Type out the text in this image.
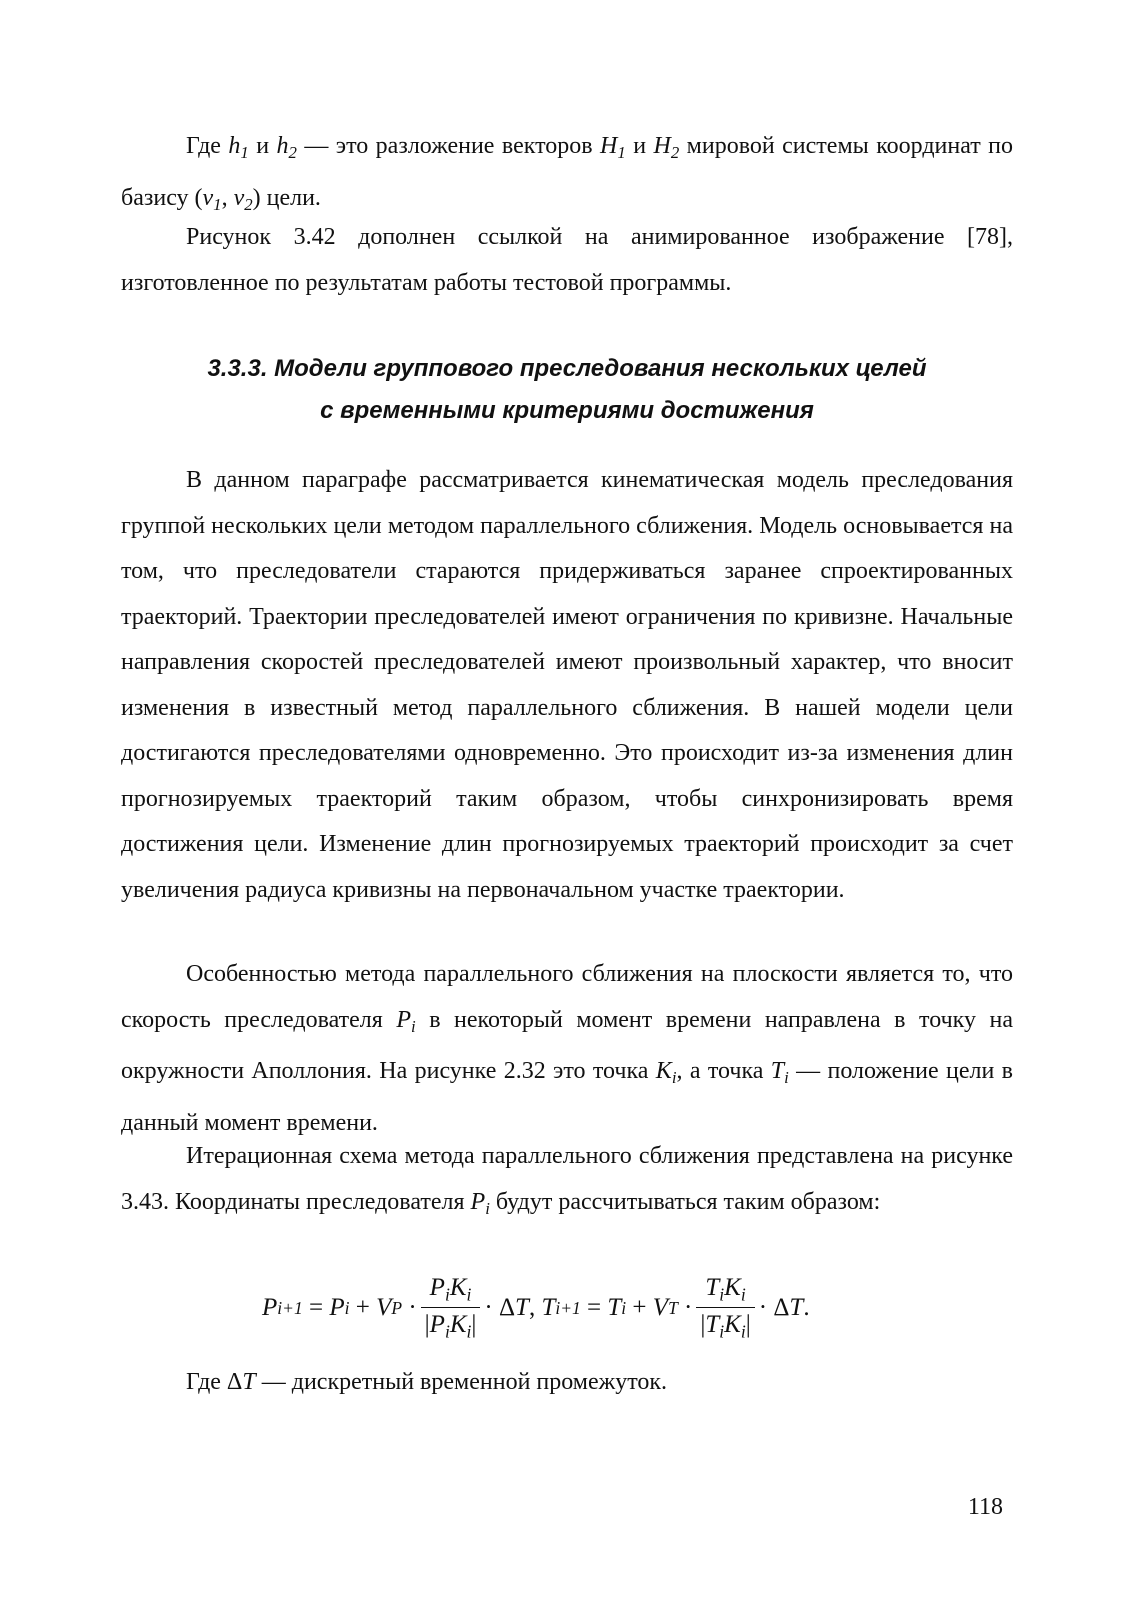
Где $h_1$ и $h_2$ — это разложение векторов $H_1$ и $H_2$ мировой системы координат по базису ($v_1$, $v_2$) цели.

Рисунок 3.42 дополнен ссылкой на анимированное изображение [78], изготовленное по результатам работы тестовой программы.

3.3.3. Модели группового преследования нескольких целей
с временными критериями достижения

В данном параграфе рассматривается кинематическая модель преследования группой нескольких цели методом параллельного сближения. Модель основывается на том, что преследователи стараются придерживаться заранее спроектированных траекторий. Траектории преследователей имеют ограничения по кривизне. Начальные направления скоростей преследователей имеют произвольный характер, что вносит изменения в известный метод параллельного сближения. В нашей модели цели достигаются преследователями одновременно. Это происходит из-за изменения длин прогнозируемых траекторий таким образом, чтобы синхронизировать время достижения цели. Изменение длин прогнозируемых траекторий происходит за счет увеличения радиуса кривизны на первоначальном участке траектории.

Особенностью метода параллельного сближения на плоскости является то, что скорость преследователя $P_i$ в некоторый момент времени направлена в точку на окружности Аполлония. На рисунке 2.32 это точка $K_i$, а точка $T_i$ — положение цели в данный момент времени.

Итерационная схема метода параллельного сближения представлена на рисунке 3.43. Координаты преследователя $P_i$ будут рассчитываться таким образом:

P i+1 = P i + V $P \cdot \frac{P_iK_i}{|P_iK_i|} \cdot \Delta$ T , T i+1 = T i + V $T \cdot \frac{T_iK_i}{|T_iK_i|} \cdot \Delta$ T .

Где ΔT — дискретный временной промежуток.

118
